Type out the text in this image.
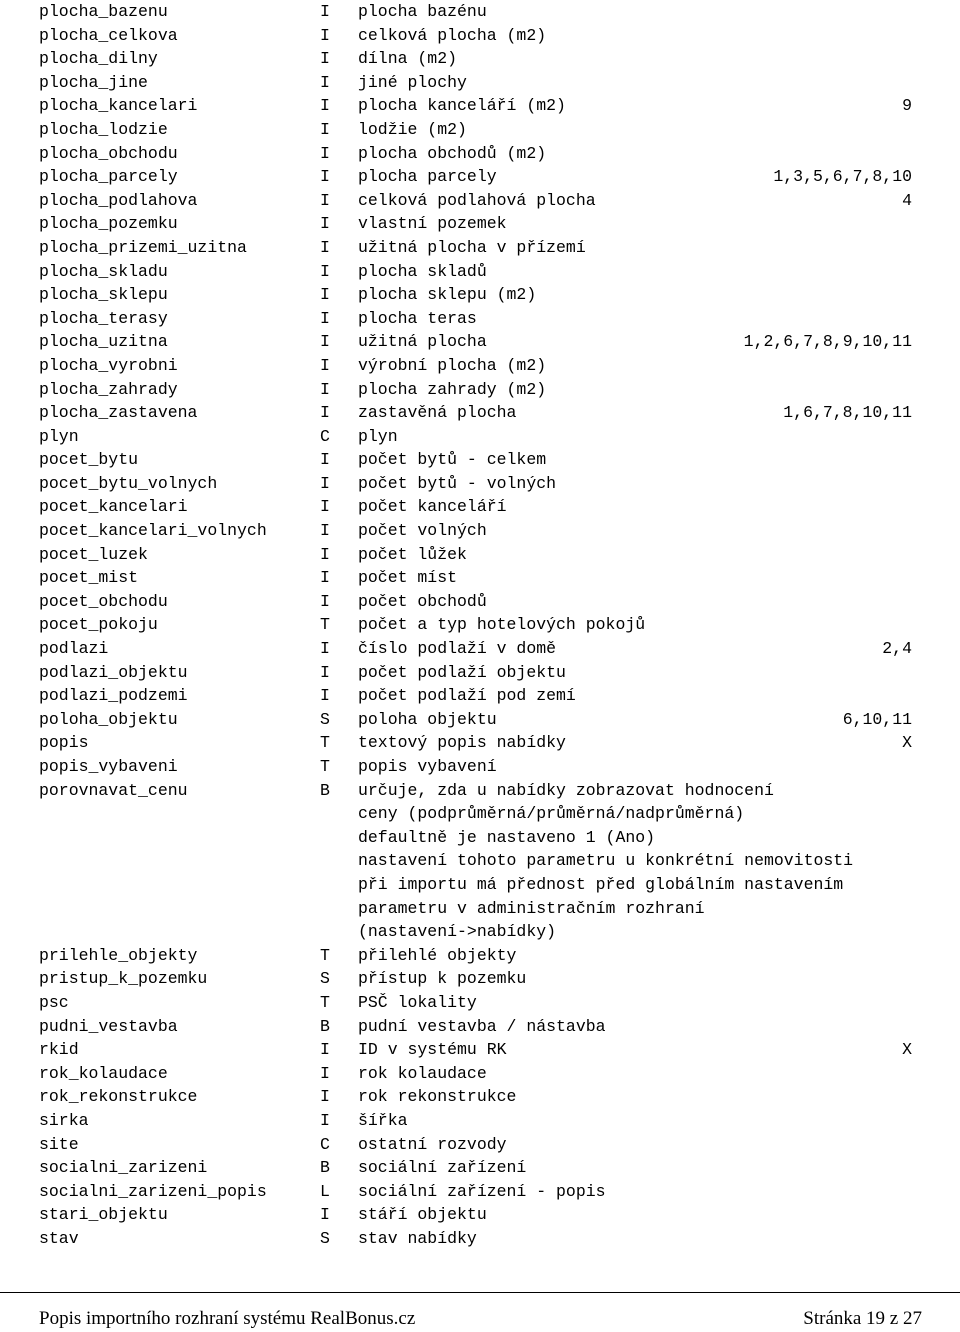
plocha_bazenu	I plocha bazénu
plocha_celkova	I celková plocha (m2)
plocha_dilny	I dílna (m2)
plocha_jine	I jiné plochy
plocha_kancelari	I plocha kanceláří (m2)	9
plocha_lodzie	I lodžie (m2)
plocha_obchodu	I plocha obchodů (m2)
plocha_parcely	I plocha parcely	1,3,5,6,7,8,10
plocha_podlahova	I celková podlahová plocha	4
plocha_pozemku	I vlastní pozemek
plocha_prizemi_uzitna	I užitná plocha v přízemí
plocha_skladu	I plocha skladů
plocha_sklepu	I plocha sklepu (m2)
plocha_terasy	I plocha teras
plocha_uzitna	I užitná plocha	1,2,6,7,8,9,10,11
plocha_vyrobni	I výrobní plocha (m2)
plocha_zahrady	I plocha zahrady (m2)
plocha_zastavena	I zastavěná plocha	1,6,7,8,10,11
plyn	C plyn
pocet_bytu	I počet bytů - celkem
pocet_bytu_volnych	I počet bytů - volných
pocet_kancelari	I počet kanceláří
pocet_kancelari_volnych	I počet volných
pocet_luzek	I počet lůžek
pocet_mist	I počet míst
pocet_obchodu	I počet obchodů
pocet_pokoju	T počet a typ hotelových pokojů
podlazi	I číslo podlaží v domě	2,4
podlazi_objektu	I počet podlaží objektu
podlazi_podzemi	I počet podlaží pod zemí
poloha_objektu	S poloha objektu	6,10,11
popis	T textový popis nabídky	X
popis_vybaveni	T popis vybavení
porovnavat_cenu	B určuje, zda u nabídky zobrazovat hodnocení
ceny (podprůměrná/průměrná/nadprůměrná)
defaultně je nastaveno 1 (Ano)
nastavení tohoto parametru u konkrétní nemovitosti
při importu má přednost před globálním nastavením
parametru v administračním rozhraní
(nastavení->nabídky)
prilehle_objekty	T přilehlé objekty
pristup_k_pozemku	S přístup k pozemku
psc	T PSČ lokality
pudni_vestavba	B pudní vestavba / nástavba
rkid	I ID v systému RK	X
rok_kolaudace	I rok kolaudace
rok_rekonstrukce	I rok rekonstrukce
sirka	I šířka
site	C ostatní rozvody
socialni_zarizeni	B sociální zařízení
socialni_zarizeni_popis	L sociální zařízení - popis
stari_objektu	I stáří objektu
stav	S stav nabídky
Popis importního rozhraní systému RealBonus.cz	Stránka 19 z 27
